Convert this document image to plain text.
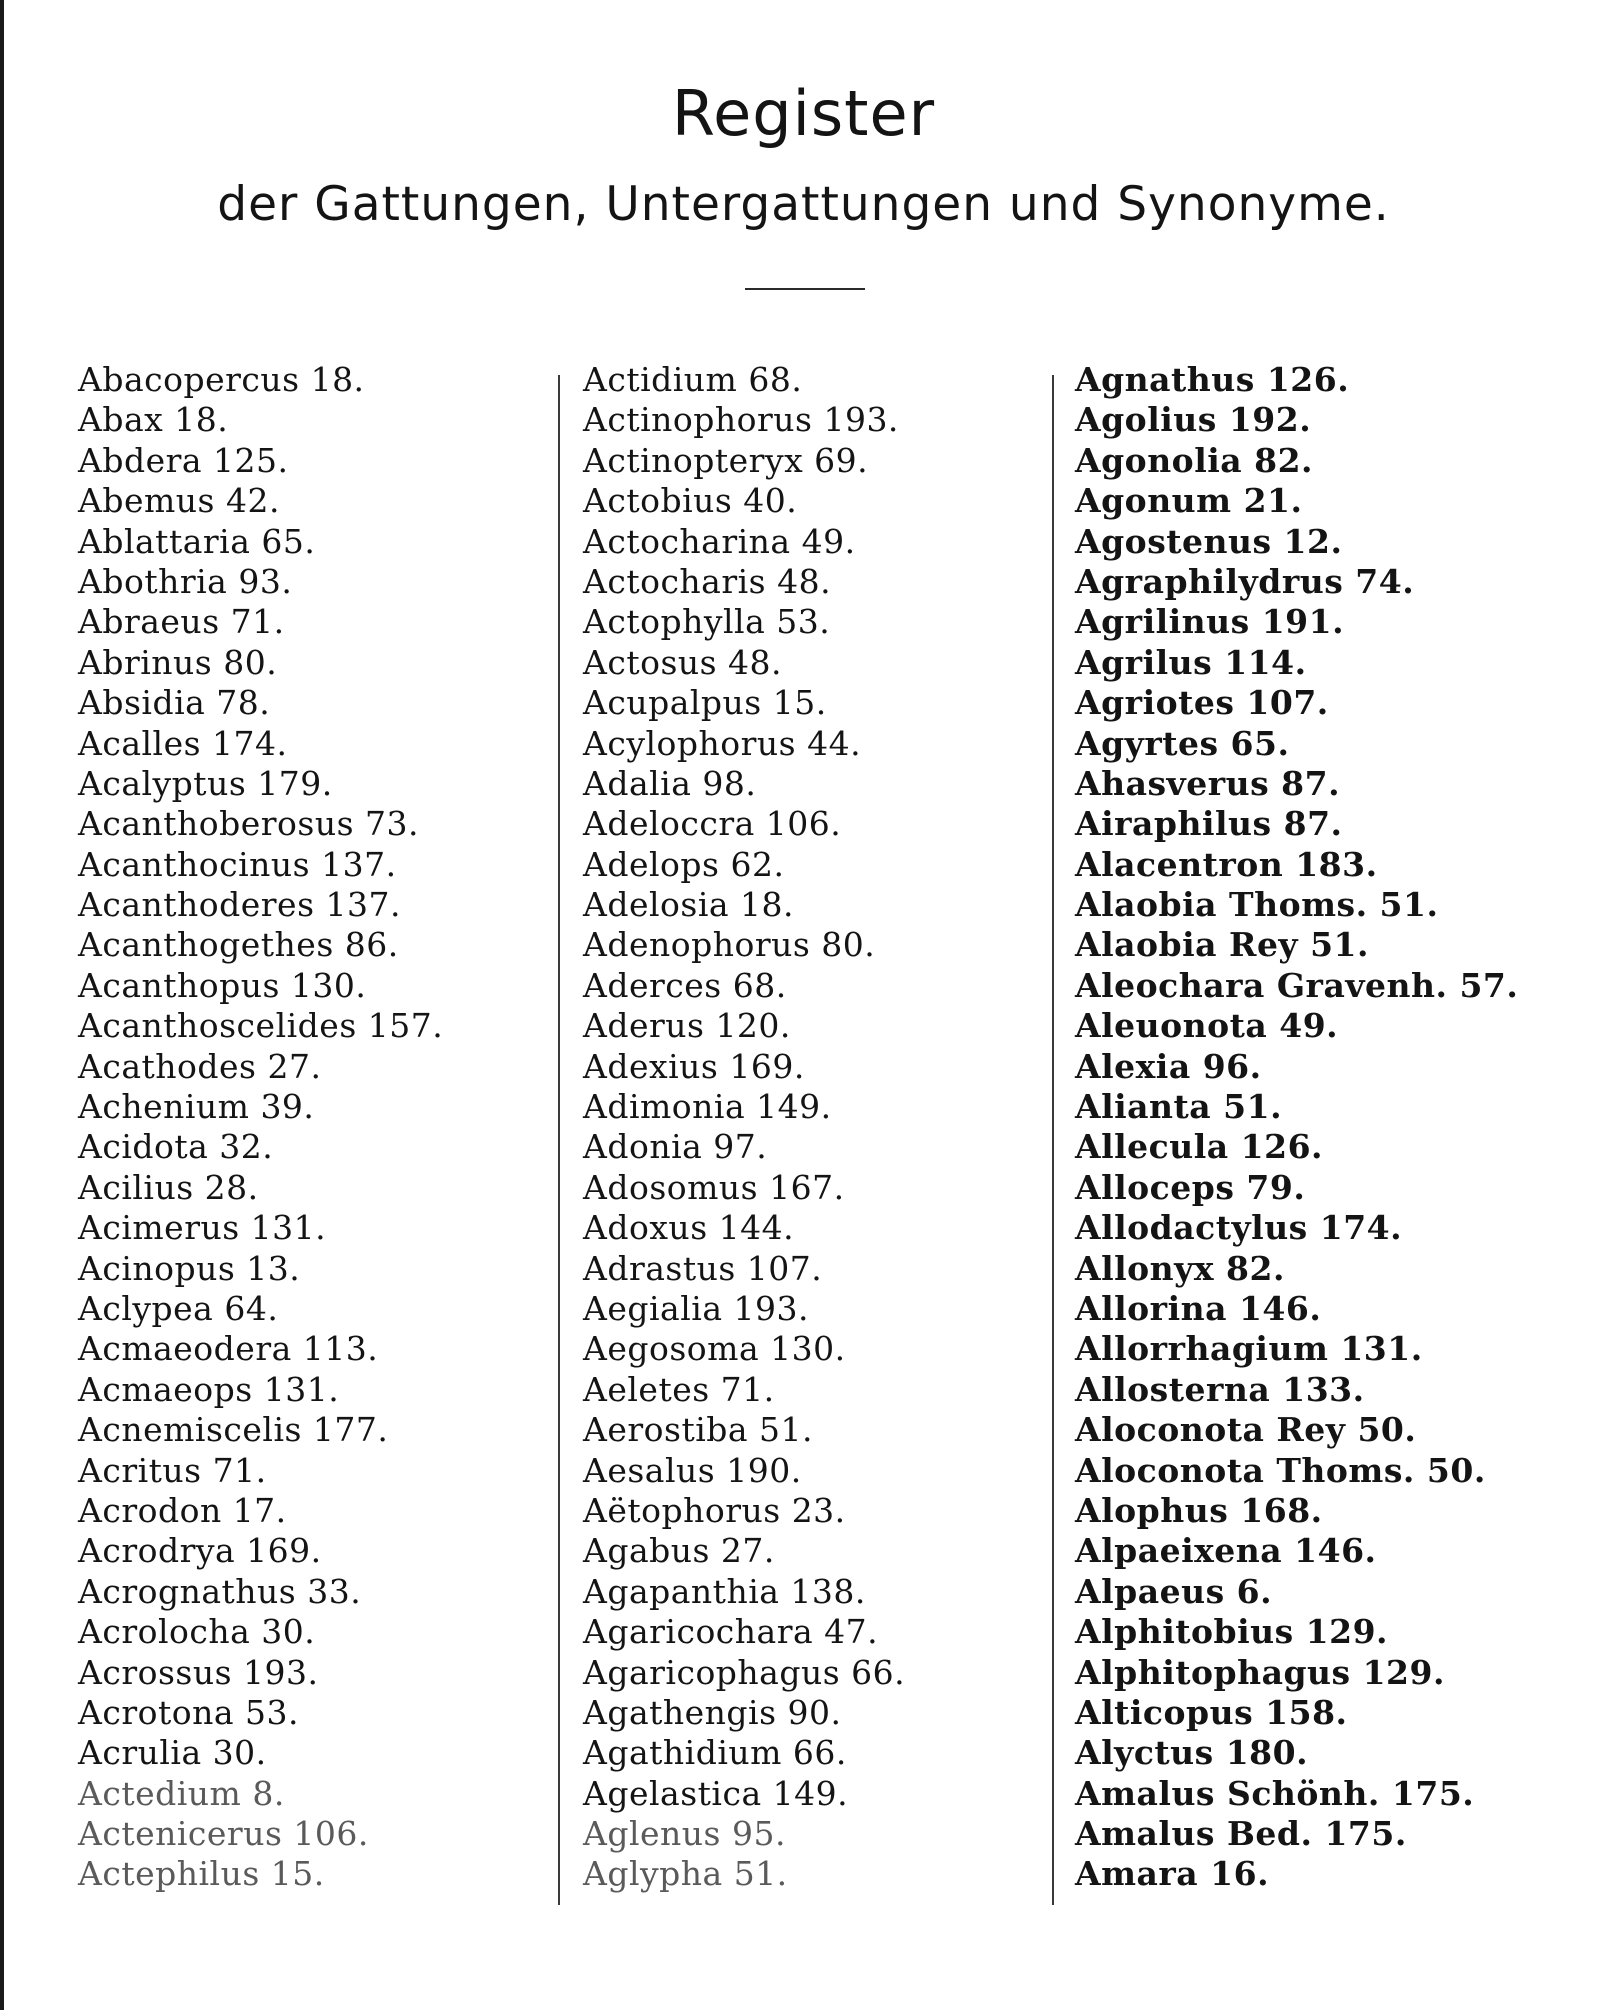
Register
der Gattungen, Untergattungen und Synonyme.
Abacopercus 18.
Abax 18.
Abdera 125.
Abemus 42.
Ablattaria 65.
Abothria 93.
Abraeus 71.
Abrinus 80.
Absidia 78.
Acalles 174.
Acalyptus 179.
Acanthoberosus 73.
Acanthocinus 137.
Acanthoderes 137.
Acanthogethes 86.
Acanthopus 130.
Acanthoscelides 157.
Acathodes 27.
Achenium 39.
Acidota 32.
Acilius 28.
Acimerus 131.
Acinopus 13.
Aclypea 64.
Acmaeodera 113.
Acmaeops 131.
Acnemiscelis 177.
Acritus 71.
Acrodon 17.
Acrodrya 169.
Acrognathus 33.
Acrolocha 30.
Acrossus 193.
Acrotona 53.
Acrulia 30.
Actedium 8.
Actenicerus 106.
Actephilus 15.
Actidium 68.
Actinophorus 193.
Actinopteryx 69.
Actobius 40.
Actocharina 49.
Actocharis 48.
Actophylla 53.
Actosus 48.
Acupalpus 15.
Acylophorus 44.
Adalia 98.
Adeloccra 106.
Adelops 62.
Adelosia 18.
Adenophorus 80.
Aderces 68.
Aderus 120.
Adexius 169.
Adimonia 149.
Adonia 97.
Adosomus 167.
Adoxus 144.
Adrastus 107.
Aegialia 193.
Aegosoma 130.
Aeletes 71.
Aerostiba 51.
Aesalus 190.
Aëtophorus 23.
Agabus 27.
Agapanthia 138.
Agaricochara 47.
Agaricophagus 66.
Agathengis 90.
Agathidium 66.
Agelastica 149.
Aglenus 95.
Aglypha 51.
Agnathus 126.
Agolius 192.
Agonolia 82.
Agonum 21.
Agostenus 12.
Agraphilydrus 74.
Agrilinus 191.
Agrilus 114.
Agriotes 107.
Agyrtes 65.
Ahasverus 87.
Airaphilus 87.
Alacentron 183.
Alaobia Thoms. 51.
Alaobia Rey 51.
Aleochara Gravenh. 57.
Aleuonota 49.
Alexia 96.
Alianta 51.
Allecula 126.
Alloceps 79.
Allodactylus 174.
Allonyx 82.
Allorina 146.
Allorrhagium 131.
Allosterna 133.
Aloconota Rey 50.
Aloconota Thoms. 50.
Alophus 168.
Alpaeixena 146.
Alpaeus 6.
Alphitobius 129.
Alphitophagus 129.
Alticopus 158.
Alyctus 180.
Amalus Schönh. 175.
Amalus Bed. 175.
Amara 16.
